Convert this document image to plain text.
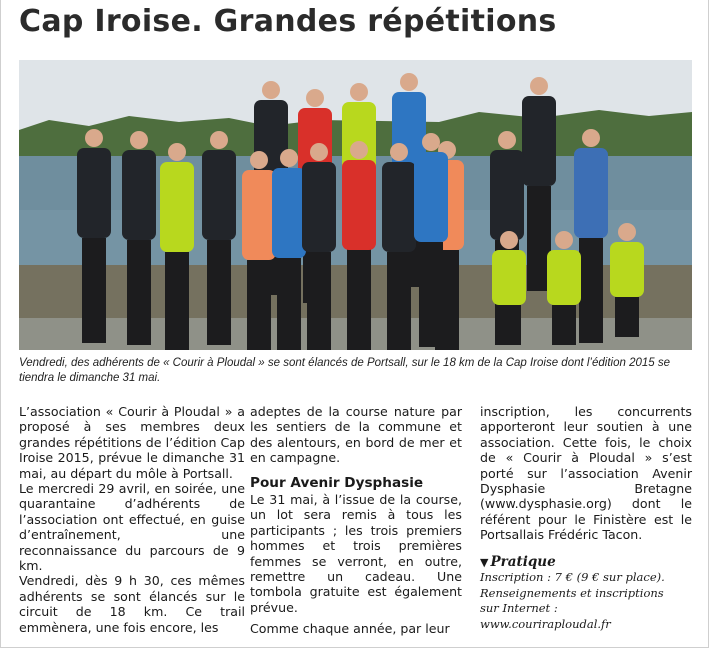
Cap Iroise. Grandes répétitions
Vendredi, des adhérents de « Courir à Ploudal » se sont élancés de Portsall, sur le 18 km de la Cap Iroise dont l’édition 2015 se tiendra le dimanche 31 mai.

L’association « Courir à Ploudal » a proposé à ses membres deux grandes répétitions de l’édition Cap Iroise 2015, prévue le dimanche 31 mai, au départ du môle à Portsall.

Le mercredi 29 avril, en soirée, une quarantaine d’adhérents de l’association ont effectué, en guise d’entraînement, une reconnaissance du parcours de 9 km.

Vendredi, dès 9 h 30, ces mêmes adhérents se sont élancés sur le circuit de 18 km. Ce trail emmènera, une fois encore, les

adeptes de la course nature par les sentiers de la commune et des alentours, en bord de mer et en campagne.

Pour Avenir Dysphasie

Le 31 mai, à l’issue de la course, un lot sera remis à tous les participants ; les trois premiers hommes et trois premières femmes se verront, en outre, remettre un cadeau. Une tombola gratuite est également prévue.

Comme chaque année, par leur

inscription, les concurrents apporteront leur soutien à une association. Cette fois, le choix de « Courir à Ploudal » s’est porté sur l’association Avenir Dysphasie Bretagne (www.dysphasie.org) dont le référent pour le Finistère est le Portsallais Frédéric Tacon.

▼ Pratique
Inscription : 7 € (9 € sur place).
Renseignements et inscriptions
sur Internet :
www.couriraploudal.fr
